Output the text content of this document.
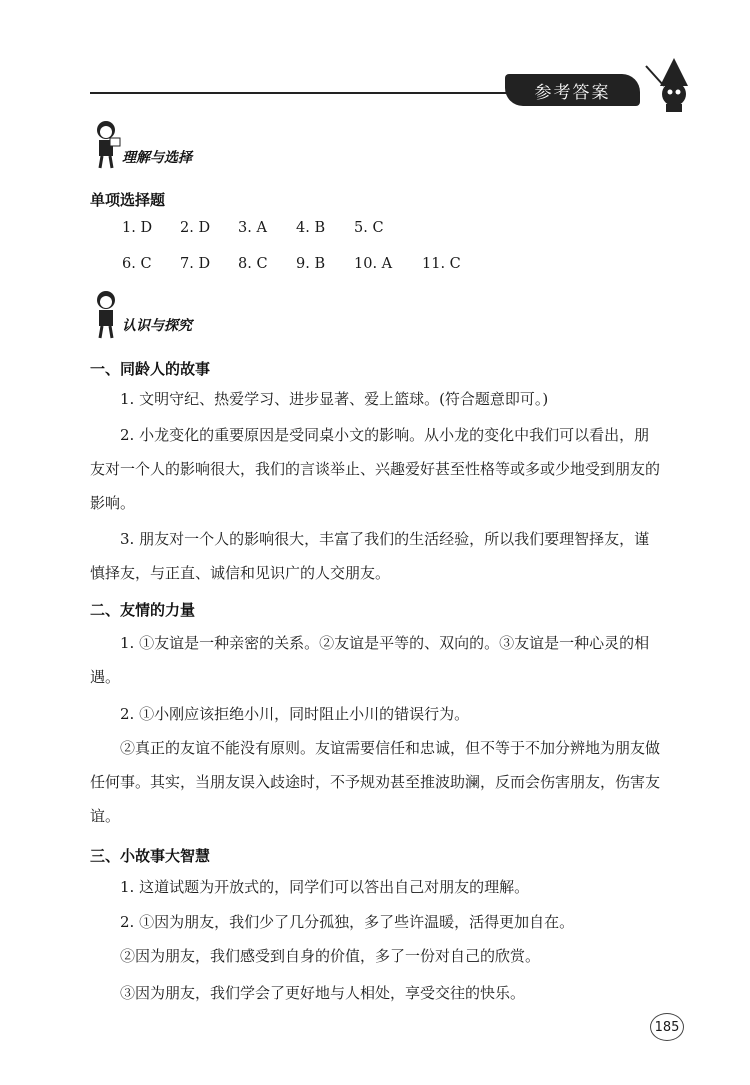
参考答案
理解与选择
单项选择题
1. D 2. D 3. A 4. B 5. C
6. C 7. D 8. C 9. B 10. A 11. C
认识与探究
一、同龄人的故事
1. 文明守纪、热爱学习、进步显著、爱上篮球。(符合题意即可。)
2. 小龙变化的重要原因是受同桌小文的影响。从小龙的变化中我们可以看出，朋友对一个人的影响很大，我们的言谈举止、兴趣爱好甚至性格等或多或少地受到朋友的影响。
3. 朋友对一个人的影响很大，丰富了我们的生活经验，所以我们要理智择友，谨慎择友，与正直、诚信和见识广的人交朋友。
二、友情的力量
1. ①友谊是一种亲密的关系。②友谊是平等的、双向的。③友谊是一种心灵的相遇。
2. ①小刚应该拒绝小川，同时阻止小川的错误行为。
②真正的友谊不能没有原则。友谊需要信任和忠诚，但不等于不加分辨地为朋友做任何事。其实，当朋友误入歧途时，不予规劝甚至推波助澜，反而会伤害朋友，伤害友谊。
三、小故事大智慧
1. 这道试题为开放式的，同学们可以答出自己对朋友的理解。
2. ①因为朋友，我们少了几分孤独，多了些许温暖，活得更加自在。
②因为朋友，我们感受到自身的价值，多了一份对自己的欣赏。
③因为朋友，我们学会了更好地与人相处，享受交往的快乐。
185
